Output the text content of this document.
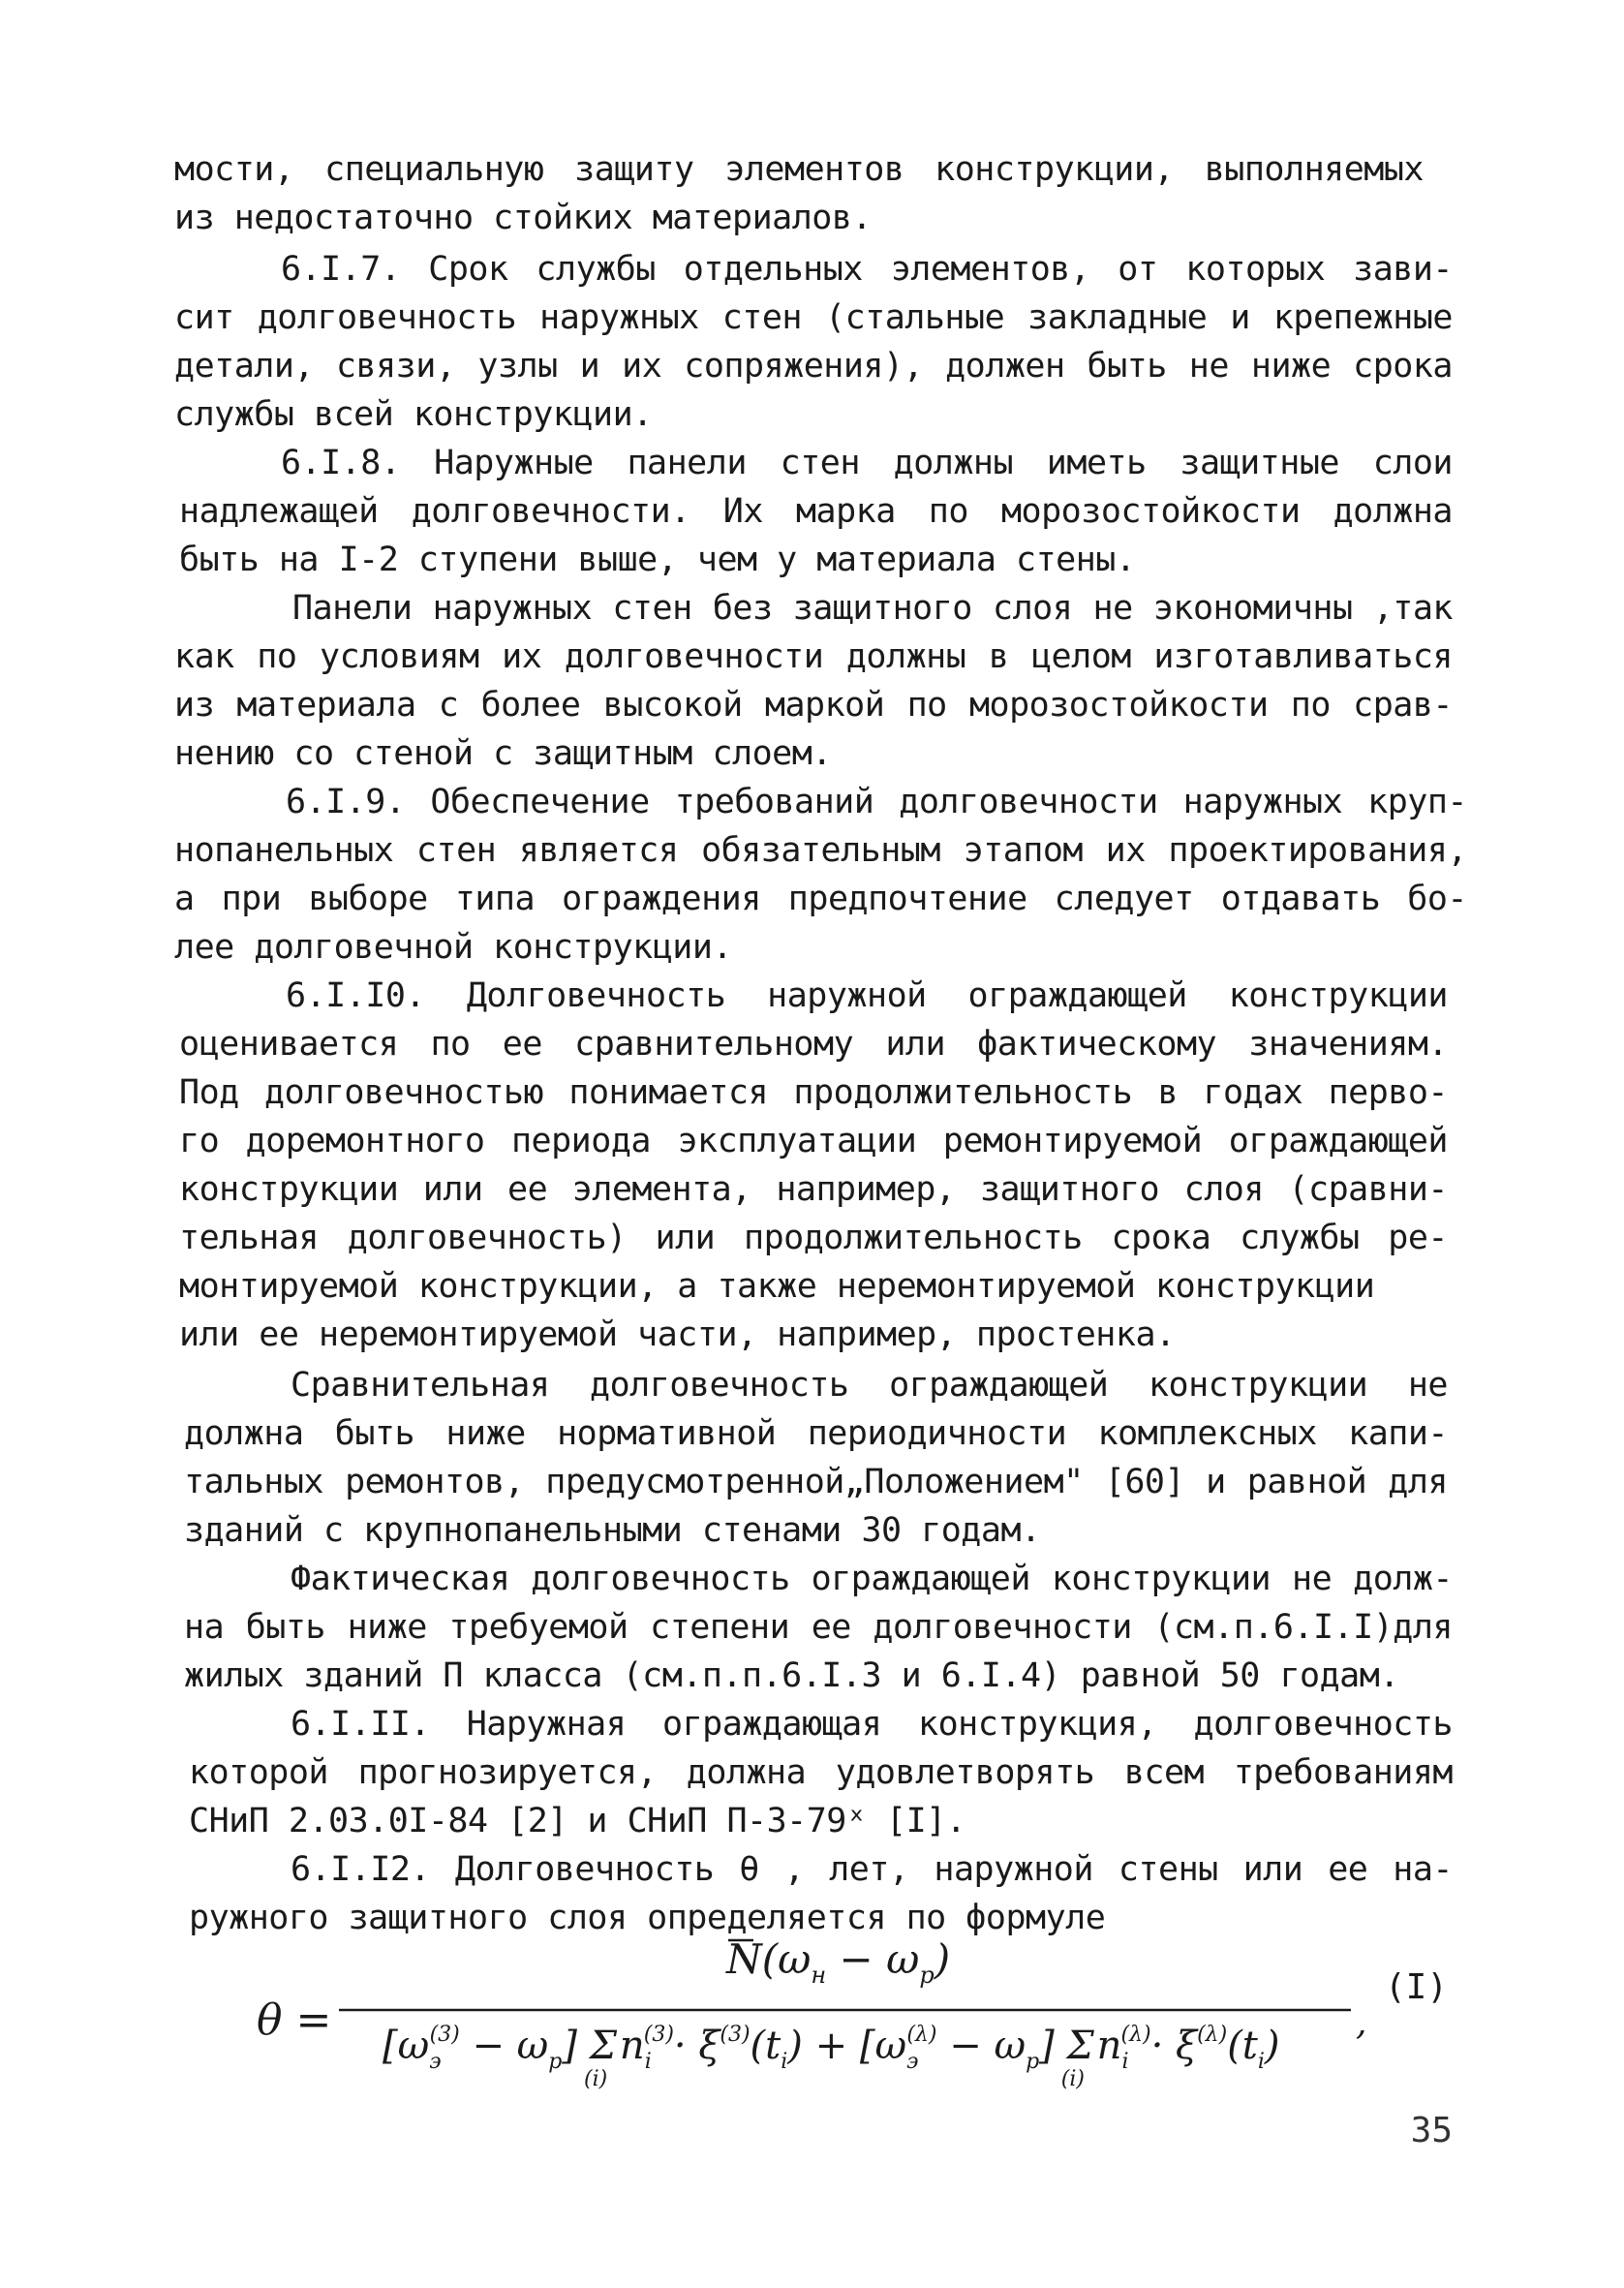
мости, специальную защиту элементов конструкции, выполняемых
из недостаточно стойких материалов.
6.I.7. Срок службы отдельных элементов, от которых зави-
сит долговечность наружных стен (стальные закладные и крепежные
детали, связи, узлы и их сопряжения), должен быть не ниже срока
службы всей конструкции.
6.I.8. Наружные панели стен должны иметь защитные слои
надлежащей долговечности. Их марка по морозостойкости должна
быть на I-2 ступени выше, чем у материала стены.
Панели наружных стен без защитного слоя не экономичны ,так
как по условиям их долговечности должны в целом изготавливаться
из материала с более высокой маркой по морозостойкости по срав-
нению со стеной с защитным слоем.
6.I.9. Обеспечение требований долговечности наружных круп-
нопанельных стен является обязательным этапом их проектирования,
а при выборе типа ограждения предпочтение следует отдавать бо-
лее долговечной конструкции.
6.I.I0. Долговечность наружной ограждающей конструкции
оценивается по ее сравнительному или фактическому значениям.
Под долговечностью понимается продолжительность в годах перво-
го доремонтного периода эксплуатации ремонтируемой ограждающей
конструкции или ее элемента, например, защитного слоя (сравни-
тельная долговечность) или продолжительность срока службы ре-
монтируемой конструкции, а также неремонтируемой конструкции
или ее неремонтируемой части, например, простенка.
Сравнительная долговечность ограждающей конструкции не
должна быть ниже нормативной периодичности комплексных капи-
тальных ремонтов, предусмотренной„Положением" [60] и равной для
зданий с крупнопанельными стенами 30 годам.
Фактическая долговечность ограждающей конструкции не долж-
на быть ниже требуемой степени ее долговечности (см.п.6.I.I)для
жилых зданий П класса (см.п.п.6.I.3 и 6.I.4) равной 50 годам.
6.I.II. Наружная ограждающая конструкция, долговечность
которой прогнозируется, должна удовлетворять всем требованиям
СНиП 2.03.0I-84 [2] и СНиП П-3-79ˣ [I].
6.I.I2. Долговечность θ , лет, наружной стены или ее на-
ружного защитного слоя определяется по формуле
$N(\omega_н - \omega_р)$
θ =
(I)
,
$[\omega_э(3) - \omega_р]$ Σ (i) $n_i(3)\cdot \xi^{(3)}(t_i) + [\omega_э(\lambda) - \omega_р]$ Σ (i) $n_i(\lambda)\cdot \xi^{(\lambda)}(t_i)$
35
